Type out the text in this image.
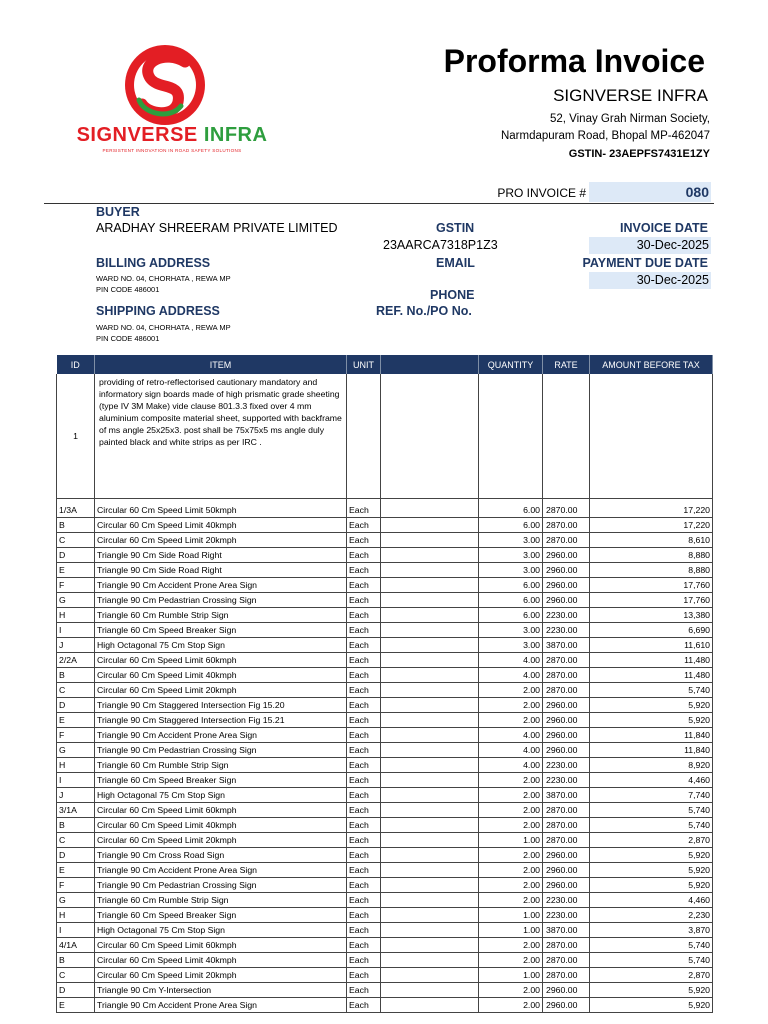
SIGNVERSE INFRA
PERSISTENT INNOVATION IN ROAD SAFETY SOLUTIONS
Proforma Invoice
SIGNVERSE INFRA
52, Vinay Grah Nirman Society,
Narmdapuram Road, Bhopal MP-462047
GSTIN- 23AEPFS7431E1ZY
PRO INVOICE #	080
BUYER
ARADHAY SHREERAM PRIVATE LIMITED	GSTIN
23AARCA7318P1Z3
INVOICE DATE
30-Dec-2025
BILLING ADDRESS	EMAIL	PAYMENT DUE DATE
30-Dec-2025
WARD NO. 04, CHORHATA , REWA MP
PIN CODE 486001	PHONE
SHIPPING ADDRESS	REF. No./PO No.
WARD NO. 04, CHORHATA , REWA MP
PIN CODE 486001
ID	ITEM	UNIT		QUANTITY	RATE	AMOUNT BEFORE TAX
1	providing of retro-reflectorised cautionary mandatory and informatory sign boards made of high prismatic grade sheeting (type IV 3M Make) vide clause 801.3.3 fixed over 4 mm aluminium composite material sheet, supported with backframe of ms angle 25x25x3. post shall be 75x75x5 ms angle duly painted black and white strips as per IRC .					

1/3A	Circular 60 Cm Speed Limit 50kmph	Each		6.00	2870.00	17,220
B	Circular 60 Cm Speed Limit 40kmph	Each		6.00	2870.00	17,220
C	Circular 60 Cm Speed Limit 20kmph	Each		3.00	2870.00	8,610
D	Triangle 90 Cm Side Road Right	Each		3.00	2960.00	8,880
E	Triangle 90 Cm Side Road Right	Each		3.00	2960.00	8,880
F	Triangle 90 Cm Accident Prone Area Sign	Each		6.00	2960.00	17,760
G	Triangle 90 Cm Pedastrian Crossing Sign	Each		6.00	2960.00	17,760
H	Triangle 60 Cm Rumble Strip Sign	Each		6.00	2230.00	13,380
I	Triangle 60 Cm Speed Breaker Sign	Each		3.00	2230.00	6,690
J	High Octagonal 75 Cm Stop Sign	Each		3.00	3870.00	11,610
2/2A	Circular 60 Cm Speed Limit 60kmph	Each		4.00	2870.00	11,480
B	Circular 60 Cm Speed Limit 40kmph	Each		4.00	2870.00	11,480
C	Circular 60 Cm Speed Limit 20kmph	Each		2.00	2870.00	5,740
D	Triangle 90 Cm Staggered Intersection Fig 15.20	Each		2.00	2960.00	5,920
E	Triangle 90 Cm Staggered Intersection Fig 15.21	Each		2.00	2960.00	5,920
F	Triangle 90 Cm Accident Prone Area Sign	Each		4.00	2960.00	11,840
G	Triangle 90 Cm Pedastrian Crossing Sign	Each		4.00	2960.00	11,840
H	Triangle 60 Cm Rumble Strip Sign	Each		4.00	2230.00	8,920
I	Triangle 60 Cm Speed Breaker Sign	Each		2.00	2230.00	4,460
J	High Octagonal 75 Cm Stop Sign	Each		2.00	3870.00	7,740
3/1A	Circular 60 Cm Speed Limit 60kmph	Each		2.00	2870.00	5,740
B	Circular 60 Cm Speed Limit 40kmph	Each		2.00	2870.00	5,740
C	Circular 60 Cm Speed Limit 20kmph	Each		1.00	2870.00	2,870
D	Triangle 90 Cm Cross Road Sign	Each		2.00	2960.00	5,920
E	Triangle 90 Cm Accident Prone Area Sign	Each		2.00	2960.00	5,920
F	Triangle 90 Cm Pedastrian Crossing Sign	Each		2.00	2960.00	5,920
G	Triangle 60 Cm Rumble Strip Sign	Each		2.00	2230.00	4,460
H	Triangle 60 Cm Speed Breaker Sign	Each		1.00	2230.00	2,230
I	High Octagonal 75 Cm Stop Sign	Each		1.00	3870.00	3,870
4/1A	Circular 60 Cm Speed Limit 60kmph	Each		2.00	2870.00	5,740
B	Circular 60 Cm Speed Limit 40kmph	Each		2.00	2870.00	5,740
C	Circular 60 Cm Speed Limit 20kmph	Each		1.00	2870.00	2,870
D	Triangle 90 Cm Y-Intersection	Each		2.00	2960.00	5,920
E	Triangle 90 Cm Accident Prone Area Sign	Each		2.00	2960.00	5,920
